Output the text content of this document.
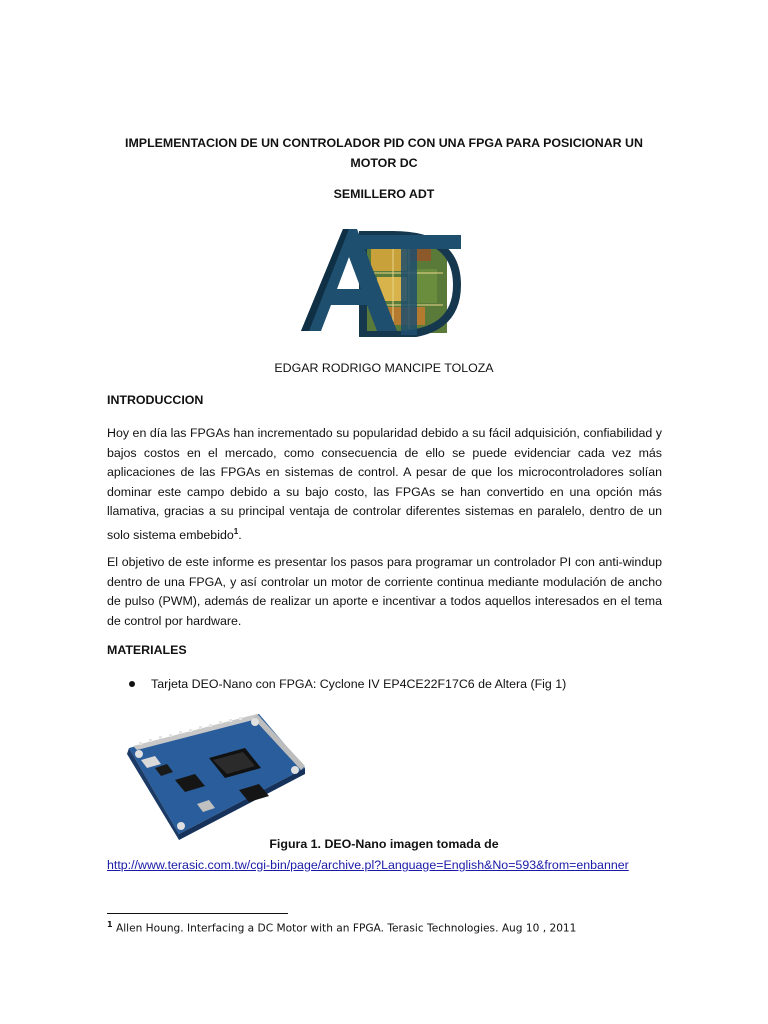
IMPLEMENTACION DE UN CONTROLADOR PID CON UNA FPGA PARA POSICIONAR UN MOTOR DC
SEMILLERO ADT
EDGAR RODRIGO MANCIPE TOLOZA
INTRODUCCION
Hoy en día las FPGAs han incrementado su popularidad debido a su fácil adquisición, confiabilidad y bajos costos en el mercado, como consecuencia de ello se puede evidenciar cada vez más aplicaciones de las FPGAs en sistemas de control. A pesar de que los microcontroladores solían dominar este campo debido a su bajo costo, las FPGAs se han convertido en una opción más llamativa, gracias a su principal ventaja de controlar diferentes sistemas en paralelo, dentro de un solo sistema embebido$^1$.
El objetivo de este informe es presentar los pasos para programar un controlador PI con anti-windup dentro de una FPGA, y así controlar un motor de corriente continua mediante modulación de ancho de pulso (PWM), además de realizar un aporte e incentivar a todos aquellos interesados en el tema de control por hardware.
MATERIALES
Tarjeta DEO-Nano con FPGA: Cyclone IV EP4CE22F17C6 de Altera (Fig 1)
Figura 1. DEO-Nano imagen tomada de
http://www.terasic.com.tw/cgi-bin/page/archive.pl?Language=English&No=593&from=enbanner
$^1$ Allen Houng. Interfacing a DC Motor with an FPGA. Terasic Technologies. Aug 10 , 2011
